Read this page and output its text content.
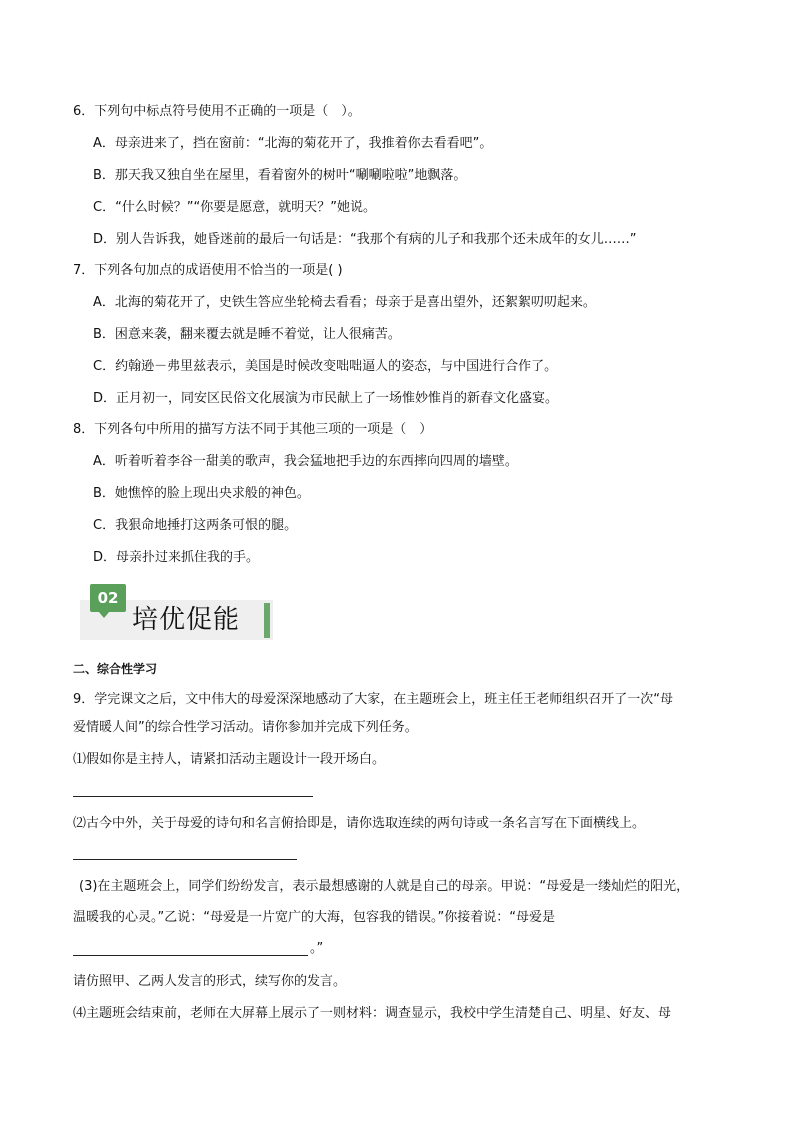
6．下列句中标点符号使用不正确的一项是（　）。
A．母亲进来了，挡在窗前：“北海的菊花开了，我推着你去看看吧”。
B．那天我又独自坐在屋里，看着窗外的树叶“唰唰啦啦”地飘落。
C．“什么时候？”“你要是愿意，就明天？”她说。
D．别人告诉我，她昏迷前的最后一句话是：“我那个有病的儿子和我那个还未成年的女儿……”
7．下列各句加点的成语使用不恰当的一项是( )
A．北海的菊花开了，史铁生答应坐轮椅去看看；母亲于是喜出望外，还絮絮叨叨起来。
B．困意来袭，翻来覆去就是睡不着觉，让人很痛苦。
C．约翰逊－弗里兹表示，美国是时候改变咄咄逼人的姿态，与中国进行合作了。
D．正月初一，同安区民俗文化展演为市民献上了一场惟妙惟肖的新春文化盛宴。
8．下列各句中所用的描写方法不同于其他三项的一项是（　）
A．听着听着李谷一甜美的歌声，我会猛地把手边的东西摔向四周的墙壁。
B．她憔悴的脸上现出央求般的神色。
C．我狠命地捶打这两条可恨的腿。
D．母亲扑过来抓住我的手。
02
培优促能
二、综合性学习
9．学完课文之后，文中伟大的母爱深深地感动了大家，在主题班会上，班主任王老师组织召开了一次“母
爱情暖人间”的综合性学习活动。请你参加并完成下列任务。
⑴假如你是主持人，请紧扣活动主题设计一段开场白。
⑵古今中外，关于母爱的诗句和名言俯拾即是，请你选取连续的两句诗或一条名言写在下面横线上。
(3)在主题班会上，同学们纷纷发言，表示最想感谢的人就是自己的母亲。甲说：“母爱是一缕灿烂的阳光，
温暖我的心灵。”乙说：“母爱是一片宽广的大海，包容我的错误。”你接着说：“母爱是
。”
请仿照甲、乙两人发言的形式，续写你的发言。
⑷主题班会结束前，老师在大屏幕上展示了一则材料：调查显示，我校中学生清楚自己、明星、好友、母
